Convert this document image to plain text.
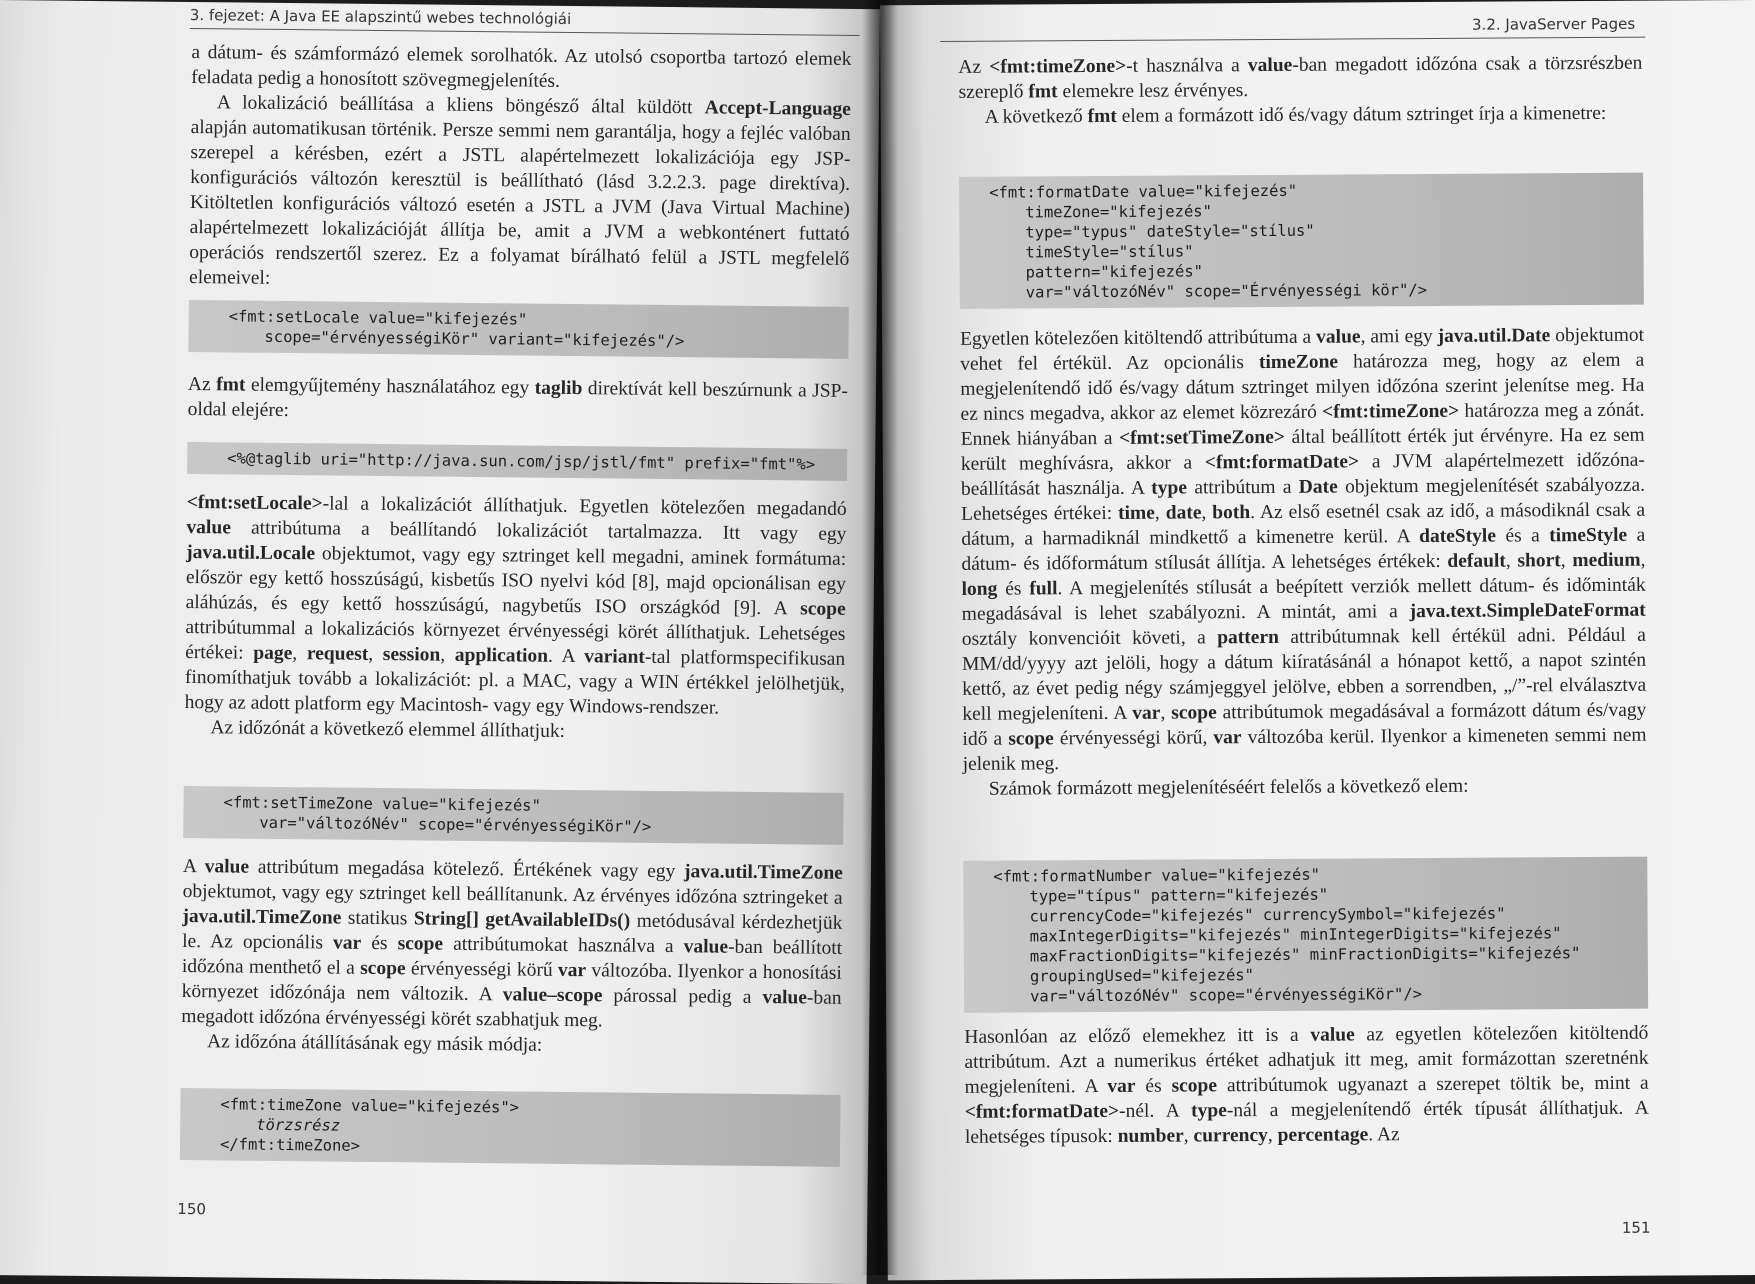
3. fejezet: A Java EE alapszintű webes technológiái

a dátum- és számformázó elemek sorolhatók. Az utolsó csoportba tartozó elemek feladata pedig a honosított szövegmegjelenítés.

A lokalizáció beállítása a kliens böngésző által küldött Accept-Language alapján automatikusan történik. Persze semmi nem garantálja, hogy a fejléc valóban szerepel a kérésben, ezért a JSTL alapértelmezett lokalizációja egy JSP-konfigurációs változón keresztül is beállítható (lásd 3.2.2.3. page direktíva). Kitöltetlen konfigurációs változó esetén a JSTL a JVM (Java Virtual Machine) alapértelmezett lokalizációját állítja be, amit a JVM a webkonténert futtató operációs rendszertől szerez. Ez a folyamat bírálható felül a JSTL megfelelő elemeivel:

<fmt:setLocale value="kifejezés"
scope="érvényességiKör" variant="kifejezés"/>

Az fmt elemgyűjtemény használatához egy taglib direktívát kell beszúrnunk a JSP-oldal elejére:

<%@taglib uri="http://java.sun.com/jsp/jstl/fmt" prefix="fmt"%>

<fmt:setLocale>-lal a lokalizációt állíthatjuk. Egyetlen kötelezően megadandó value attribútuma a beállítandó lokalizációt tartalmazza. Itt vagy egy java.util.Locale objektumot, vagy egy sztringet kell megadni, aminek formátuma: először egy kettő hosszúságú, kisbetűs ISO nyelvi kód [8], majd opcionálisan egy aláhúzás, és egy kettő hosszúságú, nagybetűs ISO országkód [9]. A scope attribútummal a lokalizációs környezet érvényességi körét állíthatjuk. Lehetséges értékei: page, request, session, application. A variant-tal platformspecifikusan finomíthatjuk tovább a lokalizációt: pl. a MAC, vagy a WIN értékkel jelölhetjük, hogy az adott platform egy Macintosh- vagy egy Windows-rendszer.

Az időzónát a következő elemmel állíthatjuk:

<fmt:setTimeZone value="kifejezés"
var="változóNév" scope="érvényességiKör"/>

A value attribútum megadása kötelező. Értékének vagy egy java.util.TimeZone objektumot, vagy egy sztringet kell beállítanunk. Az érvényes időzóna sztringeket a java.util.TimeZone statikus String[] getAvailableIDs() metódusával kérdezhetjük le. Az opcionális var és scope attribútumokat használva a value-ban beállított időzóna menthető el a scope érvényességi körű var változóba. Ilyenkor a honosítási környezet időzónája nem változik. A value–scope párossal pedig a value-ban megadott időzóna érvényességi körét szabhatjuk meg.

Az időzóna átállításának egy másik módja:

<fmt:timeZone value="kifejezés">
törzsrész
</fmt:timeZone>
150
3.2. JavaServer Pages

Az <fmt:timeZone>-t használva a value-ban megadott időzóna csak a törzsrészben szereplő fmt elemekre lesz érvényes.

A következő fmt elem a formázott idő és/vagy dátum sztringet írja a kimenetre:

<fmt:formatDate value="kifejezés"
timeZone="kifejezés"
type="typus" dateStyle="stílus"
timeStyle="stílus"
pattern="kifejezés"
var="változóNév" scope="Érvényességi kör"/>

Egyetlen kötelezően kitöltendő attribútuma a value, ami egy java.util.Date objektumot vehet fel értékül. Az opcionális timeZone határozza meg, hogy az elem a megjelenítendő idő és/vagy dátum sztringet milyen időzóna szerint jelenítse meg. Ha ez nincs megadva, akkor az elemet közrezáró <fmt:timeZone> határozza meg a zónát. Ennek hiányában a <fmt:setTimeZone> által beállított érték jut érvényre. Ha ez sem került meghívásra, akkor a <fmt:formatDate> a JVM alapértelmezett időzóna-beállítását használja. A type attribútum a Date objektum megjelenítését szabályozza. Lehetséges értékei: time, date, both. Az első esetnél csak az idő, a másodiknál csak a dátum, a harmadiknál mindkettő a kimenetre kerül. A dateStyle és a timeStyle a dátum- és időformátum stílusát állítja. A lehetséges értékek: default, short, medium, long és full. A megjelenítés stílusát a beépített verziók mellett dátum- és időminták megadásával is lehet szabályozni. A mintát, ami a java.text.SimpleDateFormat osztály konvencióit követi, a pattern attribútumnak kell értékül adni. Például a MM/dd/yyyy azt jelöli, hogy a dátum kiíratásánál a hónapot kettő, a napot szintén kettő, az évet pedig négy számjeggyel jelölve, ebben a sorrendben, „/”-rel elválasztva kell megjeleníteni. A var, scope attribútumok megadásával a formázott dátum és/vagy idő a scope érvényességi körű, var változóba kerül. Ilyenkor a kimeneten semmi nem jelenik meg.

Számok formázott megjelenítéséért felelős a következő elem:

<fmt:formatNumber value="kifejezés"
type="típus" pattern="kifejezés"
currencyCode="kifejezés" currencySymbol="kifejezés"
maxIntegerDigits="kifejezés" minIntegerDigits="kifejezés"
maxFractionDigits="kifejezés" minFractionDigits="kifejezés"
groupingUsed="kifejezés"
var="változóNév" scope="érvényességiKör"/>

Hasonlóan az előző elemekhez itt is a value az egyetlen kötelezően kitöltendő attribútum. Azt a numerikus értéket adhatjuk itt meg, amit formázottan szeretnénk megjeleníteni. A var és scope attribútumok ugyanazt a szerepet töltik be, mint a <fmt:formatDate>-nél. A type-nál a megjelenítendő érték típusát állíthatjuk. A lehetséges típusok: number, currency, percentage. Az

151
